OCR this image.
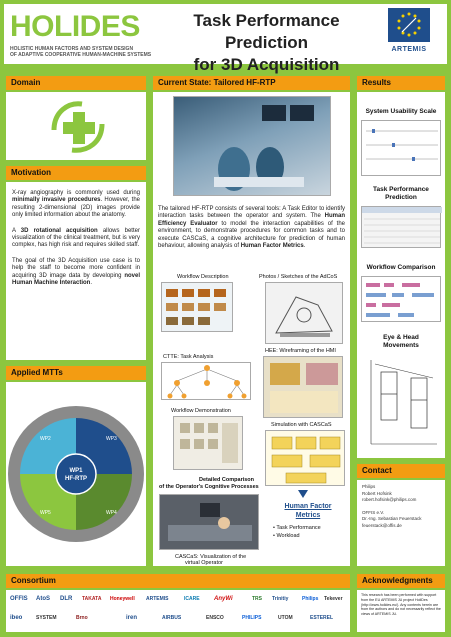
HOLIDES
HOLISTIC HUMAN FACTORS AND SYSTEM DESIGN
OF ADAPTIVE COOPERATIVE HUMAN-MACHINE SYSTEMS
Task Performance Prediction
for 3D Acquisition
ARTEMIS
Domain
Motivation

X-ray angiography is commonly used during minimally invasive procedures. However, the resulting 2-dimensional (2D) images provide only limited information about the anatomy.

A 3D rotational acquisition allows better visualization of the clinical treatment, but is very complex, has high risk and requires skilled staff.

The goal of the 3D Acquisition use case is to help the staff to become more confident in acquiring 3D image data by developing novel Human Machine Interaction.

Applied MTTs
WP1
HF-RTP
WP2	WP3
WP4
WP5
Current State: Tailored HF-RTP

The tailored HF-RTP consists of several tools: A Task Editor to identify interaction tasks between the operator and system. The Human Efficiency Evaluator to model the interaction capabilities of the environment, to demonstrate procedures for common tasks and to execute CASCaS, a cognitive architecture for prediction of human behaviour, allowing analysis of Human Factor Metrics.

Workflow Description	Photos / Sketches of the AdCoS
CTTE: Task Analysis
HEE: Wireframing of the HMI
Workflow Demonstration
Simulation with CASCaS
Detailed Comparison
of the Operator's Cognitive Processes
CASCaS: Visualization of the
virtual Operator
Human Factor
Metrics
• Task Performance
• Workload
Results
System Usability Scale
Task Performance
Prediction
Workflow Comparison
Eye & Head
Movements
Contact
Philips
Robert Hofsink
robert.hofsink@philips.com
OFFIS e.V.
Dr.-Ing. Sebastian Feuerstack
feuerstack@offis.de
Consortium
OFFIS AtoS DLR TAKATA Honeywell ARTEMIS	ICARE AnyWi	TRS Trinitiy	Philips Tekever
ibeo	SYSTEM	Brno	iren	AIRBUS	ENSCO	PHILIPS	UTOM	ESTEREL
Acknowledgments

This research has been performed with support from the EU ARTEMIS JU project HoliDes (http://www.holides.eu/). Any contents herein are from the authors and do not necessarily reflect the views of ARTEMIS JU.
